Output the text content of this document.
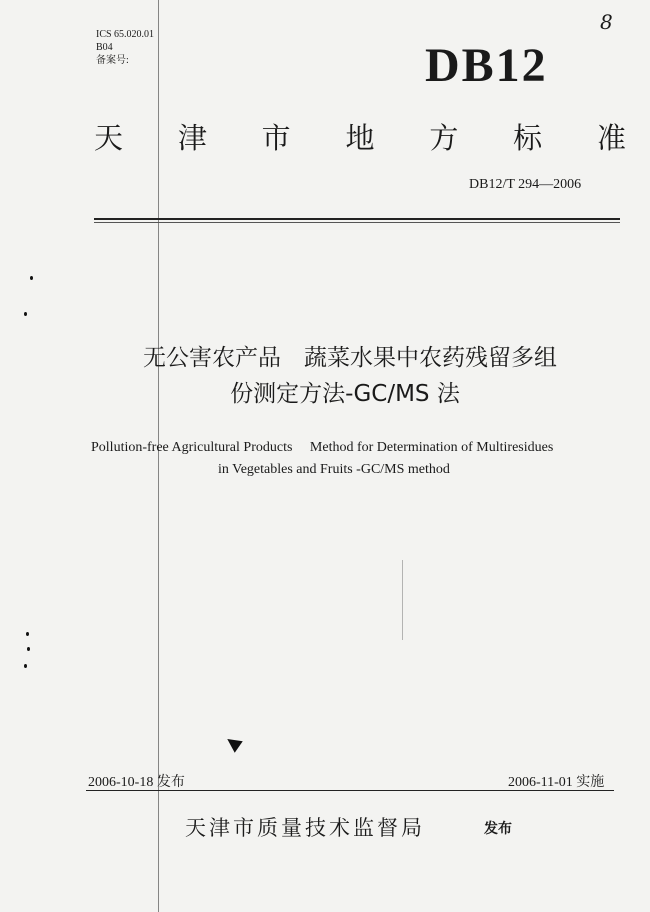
ICS 65.020.01
B04
备案号:
8
DB12
天 津 市 地 方 标 准
DB12/T 294—2006
无公害农产品　蔬菜水果中农药残留多组
份测定方法-GC/MS 法
Pollution-free Agricultural Products　 Method for Determination of Multiresidues
in Vegetables and Fruits -GC/MS method
2006-10-18 发布	2006-11-01 实施
天津市质量技术监督局	发布
